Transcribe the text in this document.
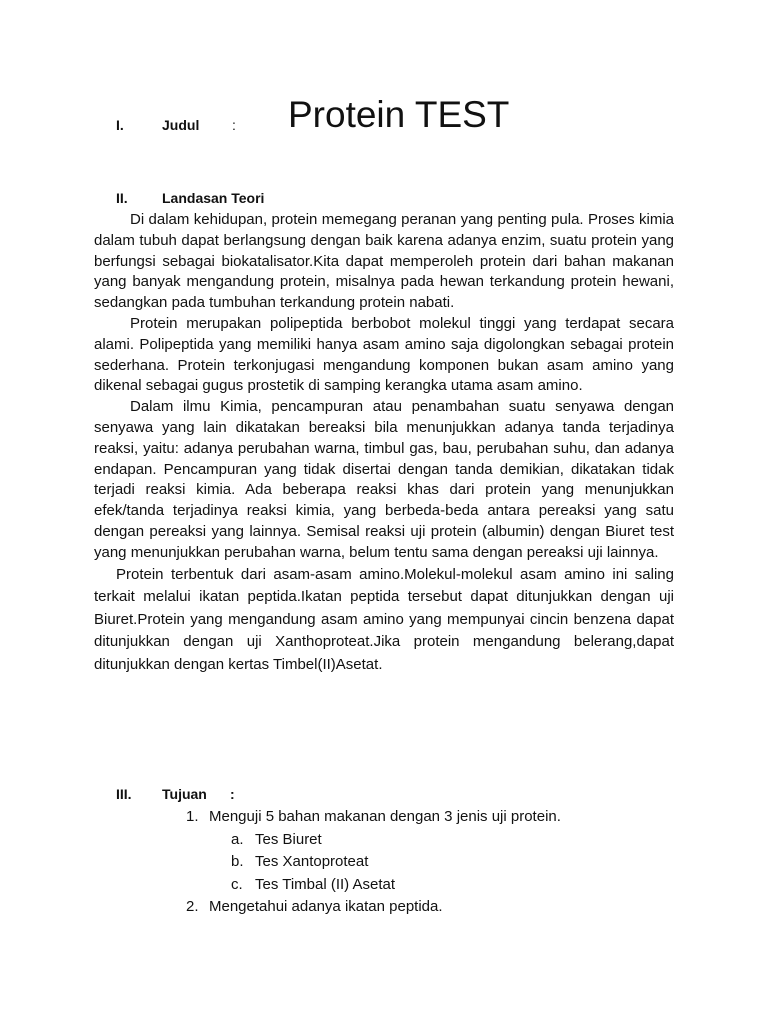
I.	Judul : Protein TEST
II. Landasan Teori

Di dalam kehidupan, protein memegang peranan yang penting pula. Proses kimia dalam tubuh dapat berlangsung dengan baik karena adanya enzim, suatu protein yang berfungsi sebagai biokatalisator.Kita dapat memperoleh protein dari bahan makanan yang banyak mengandung protein, misalnya pada hewan terkandung protein hewani, sedangkan pada tumbuhan terkandung protein nabati.

Protein merupakan polipeptida berbobot molekul tinggi yang terdapat secara alami. Polipeptida yang memiliki hanya asam amino saja digolongkan sebagai protein sederhana. Protein terkonjugasi mengandung komponen bukan asam amino yang dikenal sebagai gugus prostetik di samping kerangka utama asam amino.

Dalam ilmu Kimia, pencampuran atau penambahan suatu senyawa dengan senyawa yang lain dikatakan bereaksi bila menunjukkan adanya tanda terjadinya reaksi, yaitu: adanya perubahan warna, timbul gas, bau, perubahan suhu, dan adanya endapan. Pencampuran yang tidak disertai dengan tanda demikian, dikatakan tidak terjadi reaksi kimia. Ada beberapa reaksi khas dari protein yang menunjukkan efek/tanda terjadinya reaksi kimia, yang berbeda-beda antara pereaksi yang satu dengan pereaksi yang lainnya. Semisal reaksi uji protein (albumin) dengan Biuret test yang menunjukkan perubahan warna, belum tentu sama dengan pereaksi uji lainnya.

Protein terbentuk dari asam-asam amino.Molekul-molekul asam amino ini saling terkait melalui ikatan peptida.Ikatan peptida tersebut dapat ditunjukkan dengan uji Biuret.Protein yang mengandung asam amino yang mempunyai cincin benzena dapat ditunjukkan dengan uji Xanthoproteat.Jika protein mengandung belerang,dapat ditunjukkan dengan kertas Timbel(II)Asetat.

III. Tujuan :
1. Menguji 5 bahan makanan dengan 3 jenis uji protein.
a. Tes Biuret
b. Tes Xantoproteat
c. Tes Timbal (II) Asetat
2. Mengetahui adanya ikatan peptida.
